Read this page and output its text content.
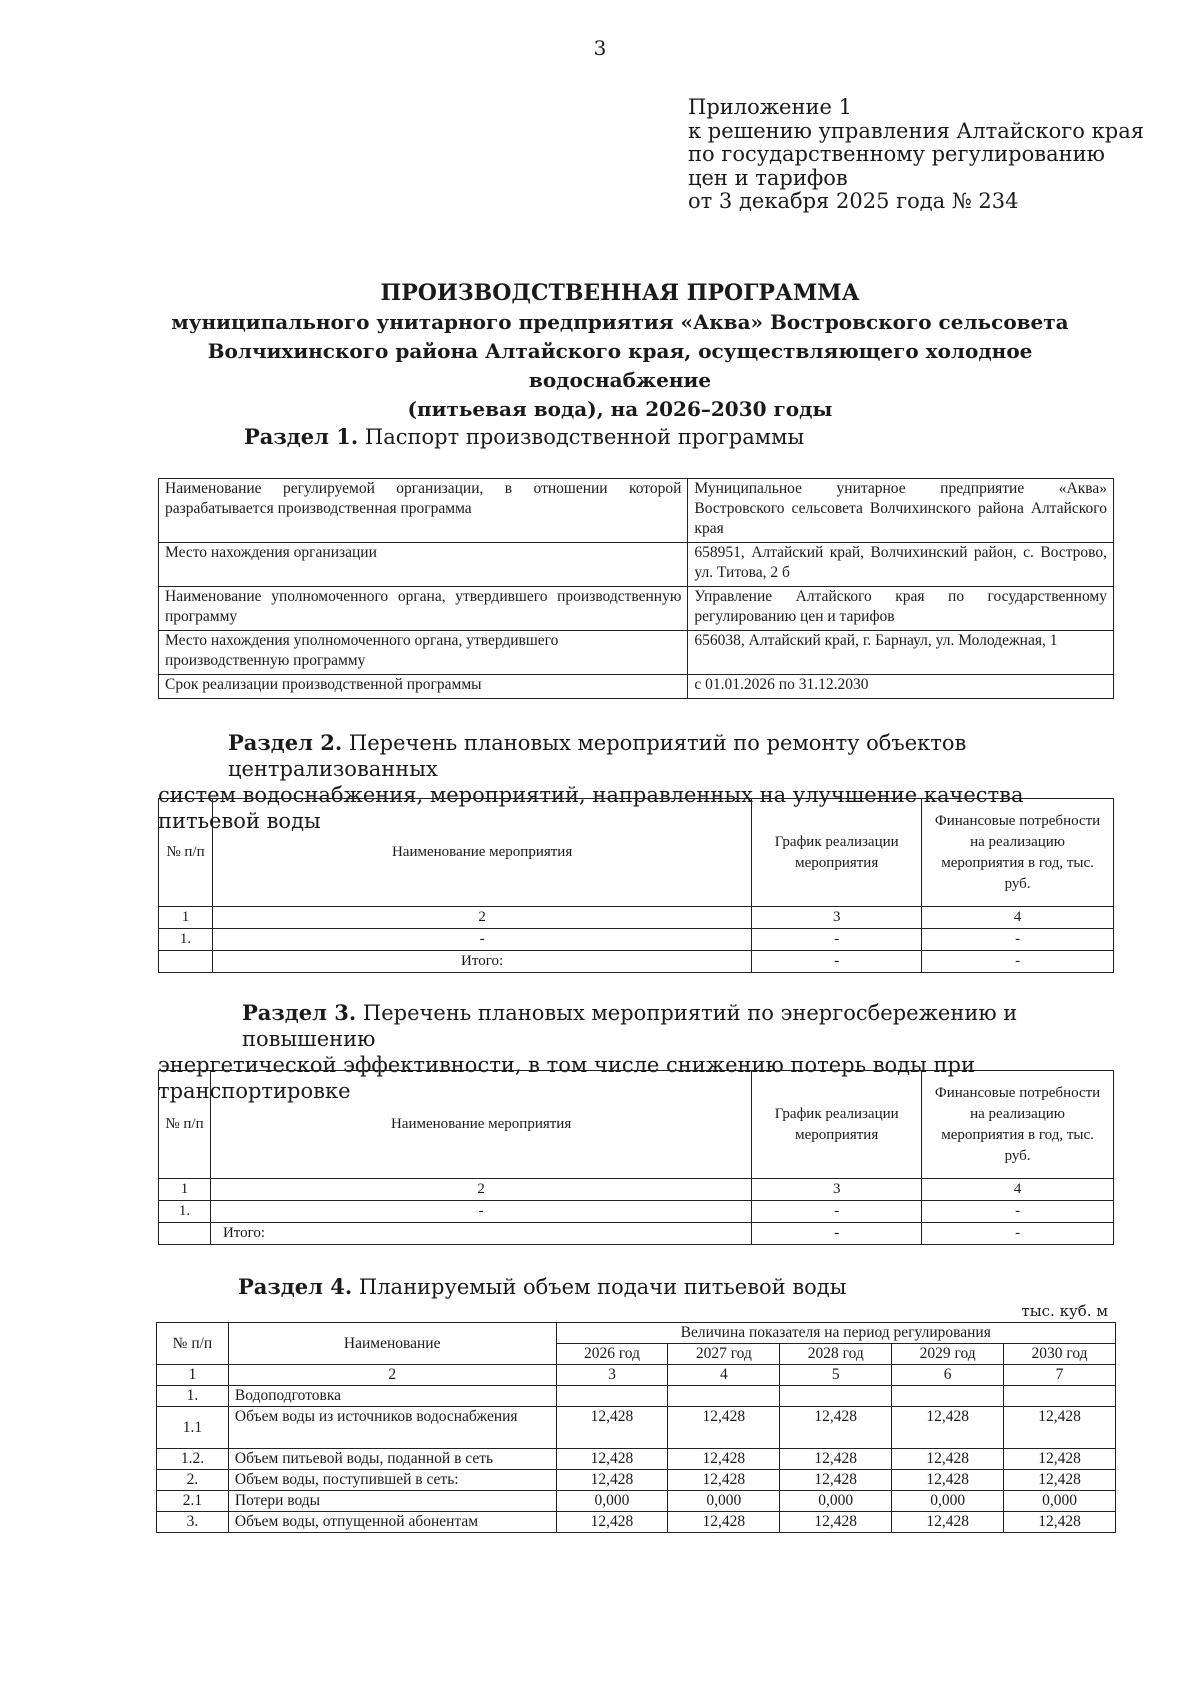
3
Приложение 1
к решению управления Алтайского края
по государственному регулированию
цен и тарифов
от 3 декабря 2025 года № 234
ПРОИЗВОДСТВЕННАЯ ПРОГРАММА
муниципального унитарного предприятия «Аква» Востровского сельсовета
Волчихинского района Алтайского края, осуществляющего холодное водоснабжение
(питьевая вода), на 2026–2030 годы
Раздел 1. Паспорт производственной программы
Наименование регулируемой организации, в отношении которой разрабатывается производственная программа	Муниципальное унитарное предприятие «Аква» Востровского сельсовета Волчихинского района Алтайского края
Место нахождения организации	658951, Алтайский край, Волчихинский район, с. Вострово, ул. Титова, 2 б
Наименование уполномоченного органа, утвердившего производственную программу	Управление Алтайского края по государственному регулированию цен и тарифов
Место нахождения уполномоченного органа, утвердившего производственную программу	656038, Алтайский край, г. Барнаул, ул. Молодежная, 1
Срок реализации производственной программы	с 01.01.2026 по 31.12.2030
Раздел 2. Перечень плановых мероприятий по ремонту объектов централизованных
систем водоснабжения, мероприятий, направленных на улучшение качества питьевой воды
№ п/п	Наименование мероприятия	График реализации мероприятия	Финансовые потребности на реализацию мероприятия в год, тыс. руб.
1	2	3	4
1.	-	-	-
	Итого:	-	-
Раздел 3. Перечень плановых мероприятий по энергосбережению и повышению
энергетической эффективности, в том числе снижению потерь воды при транспортировке
№ п/п	Наименование мероприятия	График реализации мероприятия	Финансовые потребности на реализацию мероприятия в год, тыс. руб.
1	2	3	4
1.	-	-	-
	Итого:	-	-
Раздел 4. Планируемый объем подачи питьевой воды
тыс. куб. м
№ п/п	Наименование	Величина показателя на период регулирования				
		2026 год	2027 год	2028 год	2029 год	2030 год
1	2	3	4	5	6	7
1.	Водоподготовка					
1.1	Объем воды из источников водоснабжения	12,428	12,428	12,428	12,428	12,428
1.2.	Объем питьевой воды, поданной в сеть	12,428	12,428	12,428	12,428	12,428
2.	Объем воды, поступившей в сеть:	12,428	12,428	12,428	12,428	12,428
2.1	Потери воды	0,000	0,000	0,000	0,000	0,000
3.	Объем воды, отпущенной абонентам	12,428	12,428	12,428	12,428	12,428
